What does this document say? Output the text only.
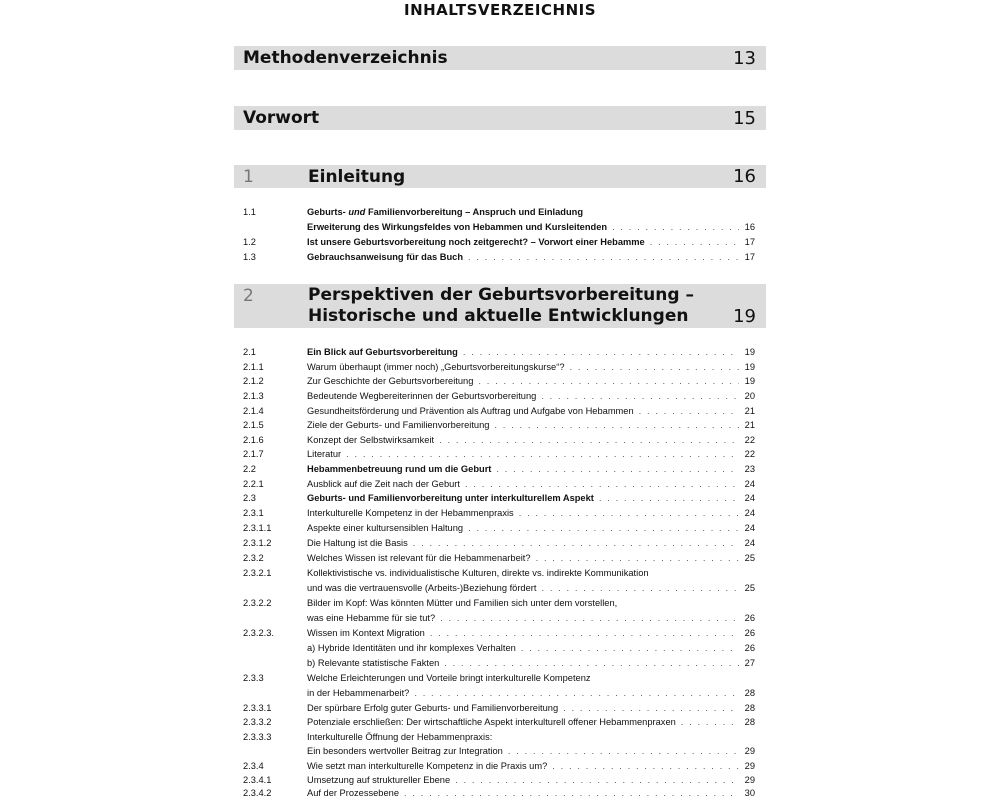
INHALTSVERZEICHNIS
Methodenverzeichnis	13
Vorwort	15
1	Einleitung	16
2	Perspektiven der Geburtsvorbereitung –
Historische und aktuelle Entwicklungen	19
1.1	Geburts- und Familienvorbereitung – Anspruch und Einladung
Erweiterung des Wirkungsfeldes von Hebammen und Kursleitenden . . .	16
1.2	Ist unsere Geburtsvorbereitung noch zeitgerecht? – Vorwort einer Hebamme . . .	17
1.3	Gebrauchsanweisung für das Buch . . .	17
2.1	Ein Blick auf Geburtsvorbereitung . . .	19
2.1.1	Warum überhaupt (immer noch) „Geburtsvorbereitungskurse“? . . .	19
2.1.2	Zur Geschichte der Geburtsvorbereitung . . .	19
2.1.3	Bedeutende Wegbereiterinnen der Geburtsvorbereitung . . .	20
2.1.4	Gesundheitsförderung und Prävention als Auftrag und Aufgabe von Hebammen . . .	21
2.1.5	Ziele der Geburts- und Familienvorbereitung . . .	21
2.1.6	Konzept der Selbstwirksamkeit . . .	22
2.1.7	Literatur . . .	22
2.2	Hebammenbetreuung rund um die Geburt . . .	23
2.2.1	Ausblick auf die Zeit nach der Geburt . . .	24
2.3	Geburts- und Familienvorbereitung unter interkulturellem Aspekt . . .	24
2.3.1	Interkulturelle Kompetenz in der Hebammenpraxis . . .	24
2.3.1.1	Aspekte einer kultursensiblen Haltung . . .	24
2.3.1.2	Die Haltung ist die Basis . . .	24
2.3.2	Welches Wissen ist relevant für die Hebammenarbeit? . . .	25
2.3.2.1	Kollektivistische vs. individualistische Kulturen, direkte vs. indirekte Kommunikation
und was die vertrauensvolle (Arbeits-)Beziehung fördert . . .	25
2.3.2.2	Bilder im Kopf: Was könnten Mütter und Familien sich unter dem vorstellen,
was eine Hebamme für sie tut? . . .	26
2.3.2.3.	Wissen im Kontext Migration . . .	26
a) Hybride Identitäten und ihr komplexes Verhalten . . .	26
b) Relevante statistische Fakten . . .	27
2.3.3	Welche Erleichterungen und Vorteile bringt interkulturelle Kompetenz
in der Hebammenarbeit? . . .	28
2.3.3.1	Der spürbare Erfolg guter Geburts- und Familienvorbereitung . . .	28
2.3.3.2	Potenziale erschließen: Der wirtschaftliche Aspekt interkulturell offener Hebammenpraxen . . .	28
2.3.3.3	Interkulturelle Öffnung der Hebammenpraxis:
Ein besonders wertvoller Beitrag zur Integration . . .	29
2.3.4	Wie setzt man interkulturelle Kompetenz in die Praxis um? . . .	29
2.3.4.1	Umsetzung auf struktureller Ebene . . .	29
2.3.4.2	Auf der Prozessebene . . .	30
